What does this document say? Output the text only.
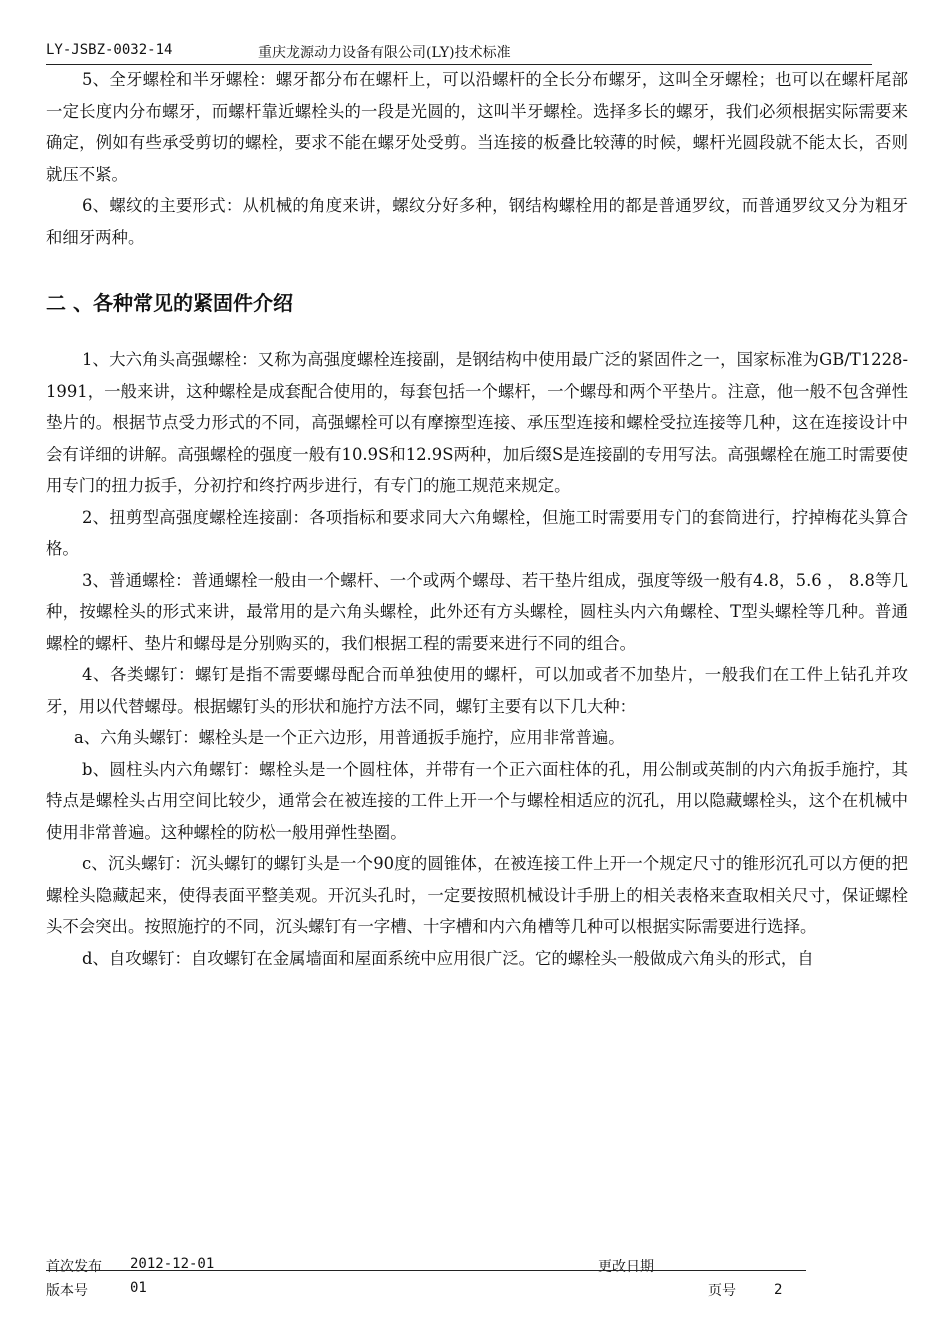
LY-JSBZ-0032-14	重庆龙源动力设备有限公司(LY)技术标准

5、全牙螺栓和半牙螺栓：螺牙都分布在螺杆上，可以沿螺杆的全长分布螺牙，这叫全牙螺栓；也可以在螺杆尾部一定长度内分布螺牙，而螺杆靠近螺栓头的一段是光圆的，这叫半牙螺栓。选择多长的螺牙，我们必须根据实际需要来确定，例如有些承受剪切的螺栓，要求不能在螺牙处受剪。当连接的板叠比较薄的时候，螺杆光圆段就不能太长，否则就压不紧。

6、螺纹的主要形式：从机械的角度来讲，螺纹分好多种，钢结构螺栓用的都是普通罗纹，而普通罗纹又分为粗牙和细牙两种。

二 、各种常见的紧固件介绍

1、大六角头高强螺栓：又称为高强度螺栓连接副，是钢结构中使用最广泛的紧固件之一，国家标准为GB/T1228-1991，一般来讲，这种螺栓是成套配合使用的，每套包括一个螺杆，一个螺母和两个平垫片。注意，他一般不包含弹性垫片的。根据节点受力形式的不同，高强螺栓可以有摩擦型连接、承压型连接和螺栓受拉连接等几种，这在连接设计中会有详细的讲解。高强螺栓的强度一般有10.9S和12.9S两种，加后缀S是连接副的专用写法。高强螺栓在施工时需要使用专门的扭力扳手，分初拧和终拧两步进行，有专门的施工规范来规定。

2、扭剪型高强度螺栓连接副：各项指标和要求同大六角螺栓，但施工时需要用专门的套筒进行，拧掉梅花头算合格。

3、普通螺栓：普通螺栓一般由一个螺杆、一个或两个螺母、若干垫片组成，强度等级一般有4.8，5.6 ， 8.8等几种，按螺栓头的形式来讲，最常用的是六角头螺栓，此外还有方头螺栓，圆柱头内六角螺栓、T型头螺栓等几种。普通螺栓的螺杆、垫片和螺母是分别购买的，我们根据工程的需要来进行不同的组合。

4、各类螺钉：螺钉是指不需要螺母配合而单独使用的螺杆，可以加或者不加垫片，一般我们在工件上钻孔并攻牙，用以代替螺母。根据螺钉头的形状和施拧方法不同，螺钉主要有以下几大种：

a、六角头螺钉：螺栓头是一个正六边形，用普通扳手施拧，应用非常普遍。

b、圆柱头内六角螺钉：螺栓头是一个圆柱体，并带有一个正六面柱体的孔，用公制或英制的内六角扳手施拧，其特点是螺栓头占用空间比较少，通常会在被连接的工件上开一个与螺栓相适应的沉孔，用以隐藏螺栓头，这个在机械中使用非常普遍。这种螺栓的防松一般用弹性垫圈。

c、沉头螺钉：沉头螺钉的螺钉头是一个90度的圆锥体，在被连接工件上开一个规定尺寸的锥形沉孔可以方便的把螺栓头隐藏起来，使得表面平整美观。开沉头孔时，一定要按照机械设计手册上的相关表格来查取相关尺寸，保证螺栓头不会突出。按照施拧的不同，沉头螺钉有一字槽、十字槽和内六角槽等几种可以根据实际需要进行选择。

d、自攻螺钉：自攻螺钉在金属墙面和屋面系统中应用很广泛。它的螺栓头一般做成六角头的形式，自

首次发布 2012-12-01	更改日期
版本号	01	页号	2
